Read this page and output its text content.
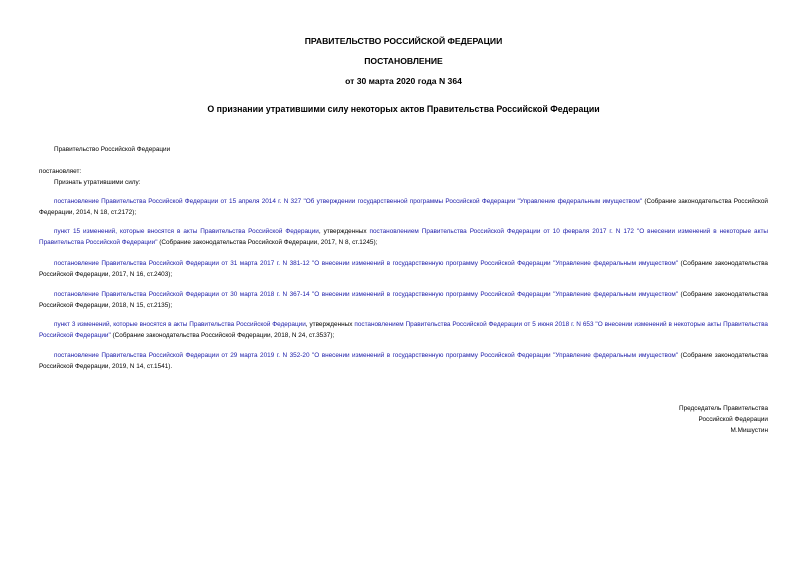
ПРАВИТЕЛЬСТВО РОССИЙСКОЙ ФЕДЕРАЦИИ
ПОСТАНОВЛЕНИЕ
от 30 марта 2020 года N 364
О признании утратившими силу некоторых актов Правительства Российской Федерации
Правительство Российской Федерации
постановляет:
Признать утратившими силу:
постановление Правительства Российской Федерации от 15 апреля 2014 г. N 327 "Об утверждении государственной программы Российской Федерации "Управление федеральным имуществом" (Собрание законодательства Российской Федерации, 2014, N 18, ст.2172);
пункт 15 изменений, которые вносятся в акты Правительства Российской Федерации, утвержденных постановлением Правительства Российской Федерации от 10 февраля 2017 г. N 172 "О внесении изменений в некоторые акты Правительства Российской Федерации" (Собрание законодательства Российской Федерации, 2017, N 8, ст.1245);
постановление Правительства Российской Федерации от 31 марта 2017 г. N 381-12 "О внесении изменений в государственную программу Российской Федерации "Управление федеральным имуществом" (Собрание законодательства Российской Федерации, 2017, N 16, ст.2403);
постановление Правительства Российской Федерации от 30 марта 2018 г. N 367-14 "О внесении изменений в государственную программу Российской Федерации "Управление федеральным имуществом" (Собрание законодательства Российской Федерации, 2018, N 15, ст.2135);
пункт 3 изменений, которые вносятся в акты Правительства Российской Федерации, утвержденных постановлением Правительства Российской Федерации от 5 июня 2018 г. N 653 "О внесении изменений в некоторые акты Правительства Российской Федерации" (Собрание законодательства Российской Федерации, 2018, N 24, ст.3537);
постановление Правительства Российской Федерации от 29 марта 2019 г. N 352-20 "О внесении изменений в государственную программу Российской Федерации "Управление федеральным имуществом" (Собрание законодательства Российской Федерации, 2019, N 14, ст.1541).
Председатель Правительства
Российской Федерации
М.Мишустин
